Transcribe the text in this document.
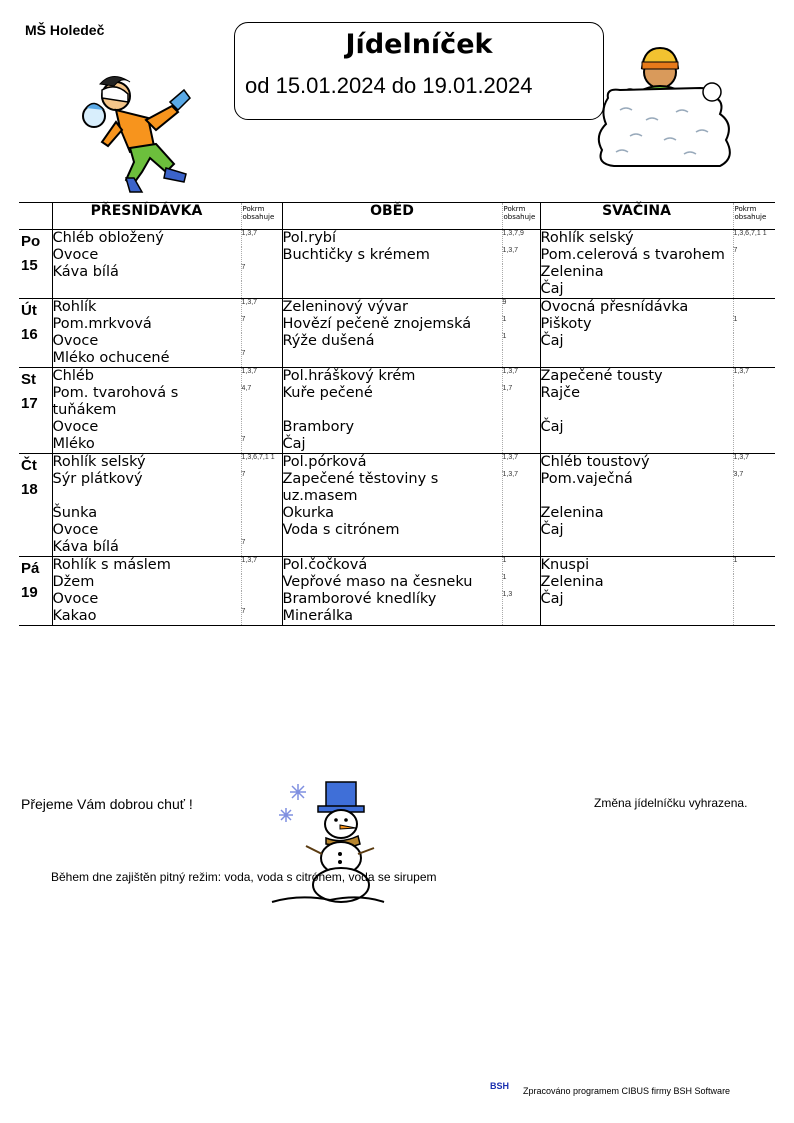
MŠ Holedeč	Jídelníček
od 15.01.2024 do 19.01.2024
	PŘESNÍDÁVKA	Pokrm obsahuje	OBĚD	Pokrm obsahuje	SVAČINA	Pokrm obsahuje

Po
15	Chléb obložený	1,3,7	Pol.rybí	1,3,7,9	Rohlík selský	1,3,6,7,1 1
	Ovoce		Buchtičky s krémem	1,3,7	Pom.celerová s tvarohem	7
	Káva bílá	7			Zelenina	
					Čaj	

Út
16	Rohlík	1,3,7	Zeleninový vývar	9	Ovocná přesnídávka	
	Pom.mrkvová	7	Hovězí pečeně znojemská	1	Piškoty	1
	Ovoce		Rýže dušená	1	Čaj	
	Mléko ochucené	7				

St
17	Chléb	1,3,7	Pol.hráškový krém	1,3,7	Zapečené tousty	1,3,7
	Pom. tvarohová s tuňákem	4,7	Kuře pečené	1,7	Rajče	
	Ovoce		Brambory		Čaj	
	Mléko	7	Čaj			

Čt
18	Rohlík selský	1,3,6,7,1 1	Pol.pórková	1,3,7	Chléb toustový	1,3,7
	Sýr plátkový	7	Zapečené těstoviny s uz.masem	1,3,7	Pom.vaječná	3,7
	Šunka		Okurka		Zelenina	
	Ovoce		Voda s citrónem		Čaj	
	Káva bílá	7				

Pá
19	Rohlík s máslem	1,3,7	Pol.čočková	1	Knuspi	1
	Džem		Vepřové maso na česneku	1	Zelenina	
	Ovoce		Bramborové knedlíky	1,3	Čaj	
	Kakao	7	Minerálka			
Přejeme Vám dobrou chuť !	Změna jídelníčku vyhrazena.
Během dne zajištěn pitný režim: voda, voda s citrónem, voda se sirupem
BSH Zpracováno programem CIBUS firmy BSH Software
